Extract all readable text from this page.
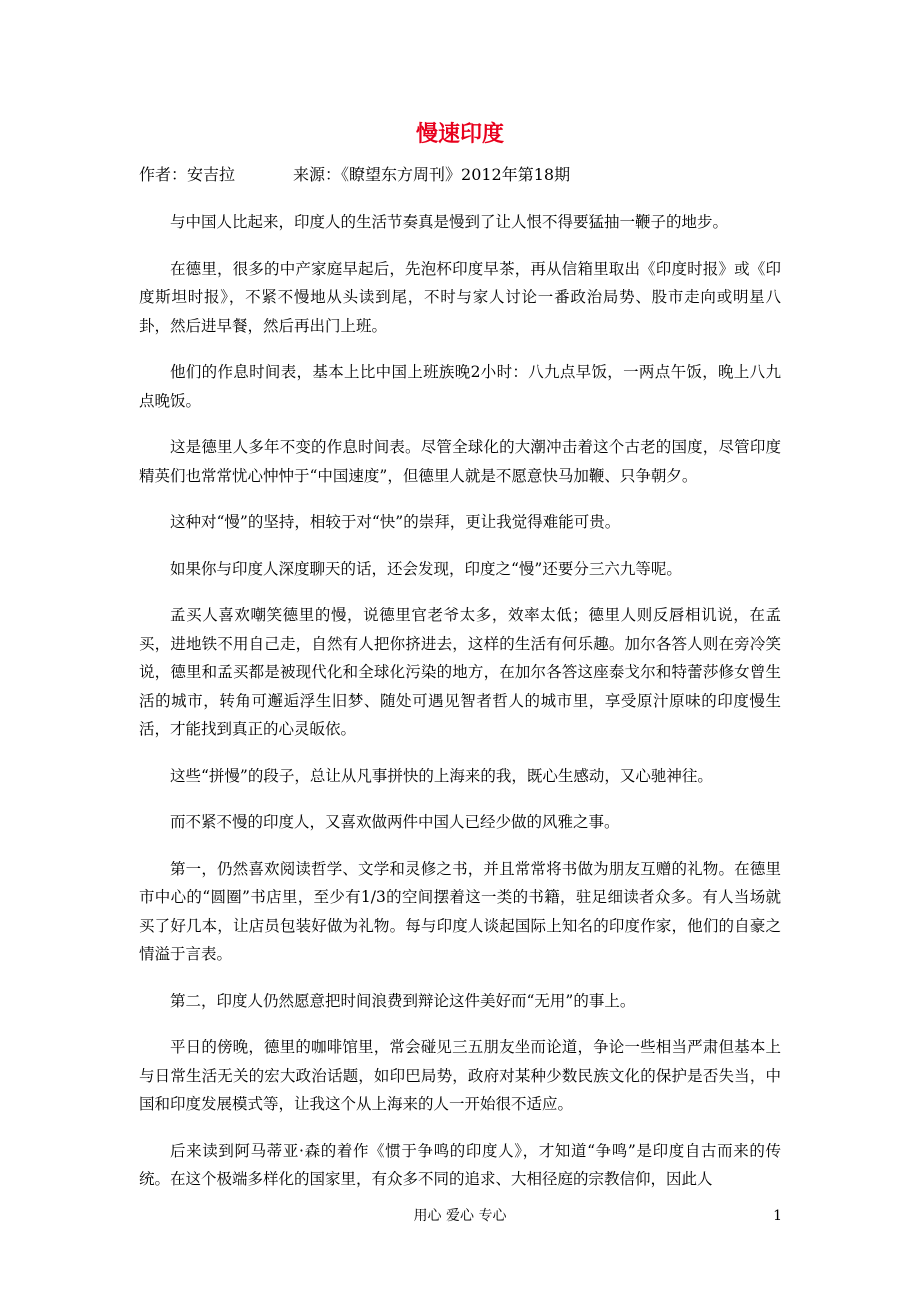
慢速印度
作者：安吉拉	来源：《瞭望东方周刊》2012年第18期

与中国人比起来，印度人的生活节奏真是慢到了让人恨不得要猛抽一鞭子的地步。

在德里，很多的中产家庭早起后，先泡杯印度早茶，再从信箱里取出《印度时报》或《印度斯坦时报》，不紧不慢地从头读到尾，不时与家人讨论一番政治局势、股市走向或明星八卦，然后进早餐，然后再出门上班。

他们的作息时间表，基本上比中国上班族晚2小时：八九点早饭，一两点午饭，晚上八九点晚饭。

这是德里人多年不变的作息时间表。尽管全球化的大潮冲击着这个古老的国度，尽管印度精英们也常常忧心忡忡于“中国速度”，但德里人就是不愿意快马加鞭、只争朝夕。

这种对“慢”的坚持，相较于对“快”的崇拜，更让我觉得难能可贵。

如果你与印度人深度聊天的话，还会发现，印度之“慢”还要分三六九等呢。

孟买人喜欢嘲笑德里的慢，说德里官老爷太多，效率太低；德里人则反唇相讥说，在孟买，进地铁不用自己走，自然有人把你挤进去，这样的生活有何乐趣。加尔各答人则在旁冷笑说，德里和孟买都是被现代化和全球化污染的地方，在加尔各答这座泰戈尔和特蕾莎修女曾生活的城市，转角可邂逅浮生旧梦、随处可遇见智者哲人的城市里，享受原汁原味的印度慢生活，才能找到真正的心灵皈依。

这些“拼慢”的段子，总让从凡事拼快的上海来的我，既心生感动，又心驰神往。

而不紧不慢的印度人，又喜欢做两件中国人已经少做的风雅之事。

第一，仍然喜欢阅读哲学、文学和灵修之书，并且常常将书做为朋友互赠的礼物。在德里市中心的“圆圈”书店里，至少有1/3的空间摆着这一类的书籍，驻足细读者众多。有人当场就买了好几本，让店员包装好做为礼物。每与印度人谈起国际上知名的印度作家，他们的自豪之情溢于言表。

第二，印度人仍然愿意把时间浪费到辩论这件美好而“无用”的事上。

平日的傍晚，德里的咖啡馆里，常会碰见三五朋友坐而论道，争论一些相当严肃但基本上与日常生活无关的宏大政治话题，如印巴局势，政府对某种少数民族文化的保护是否失当，中国和印度发展模式等，让我这个从上海来的人一开始很不适应。

后来读到阿马蒂亚·森的着作《惯于争鸣的印度人》，才知道“争鸣”是印度自古而来的传统。在这个极端多样化的国家里，有众多不同的追求、大相径庭的宗教信仰，因此人

用心 爱心 专心	1
